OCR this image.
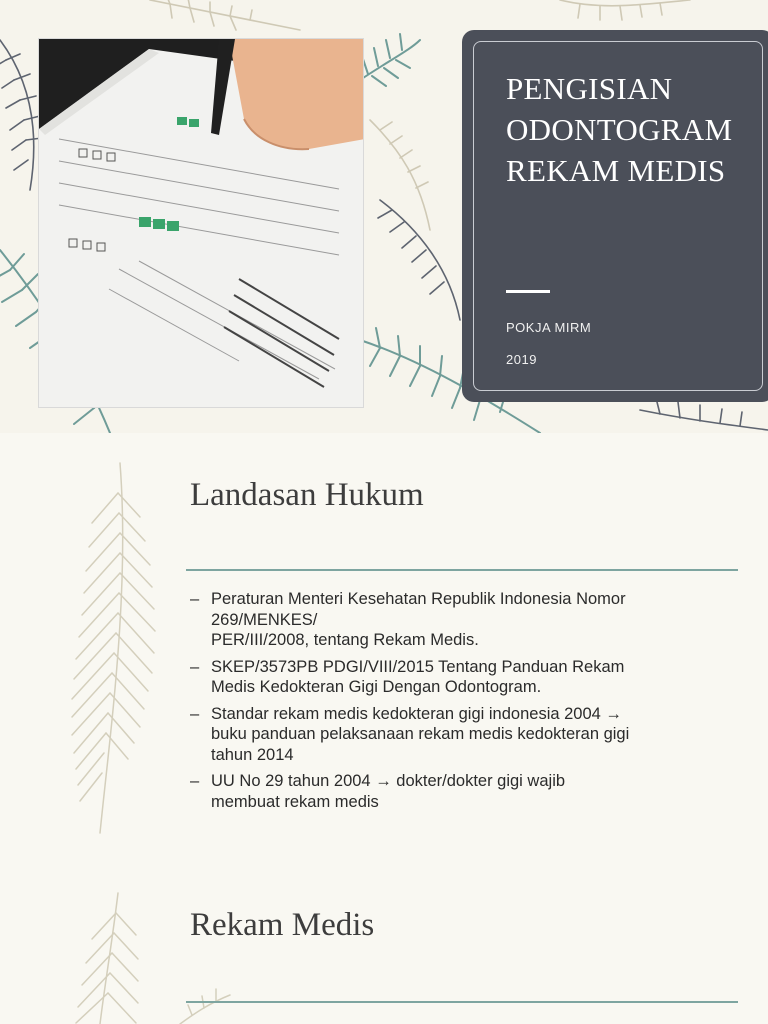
PENGISIAN
ODONTOGRAM
REKAM MEDIS
POKJA MIRM
2019
Landasan Hukum
– Peraturan Menteri Kesehatan Republik Indonesia Nomor
269/MENKES/
PER/III/2008, tentang Rekam Medis.
– SKEP/3573PB PDGI/VIII/2015 Tentang Panduan Rekam
Medis Kedokteran Gigi Dengan Odontogram.
– Standar rekam medis kedokteran gigi indonesia 2004 →
buku panduan pelaksanaan rekam medis kedokteran gigi
tahun 2014
– UU No 29 tahun 2004 → dokter/dokter gigi wajib
membuat rekam medis
Rekam Medis
